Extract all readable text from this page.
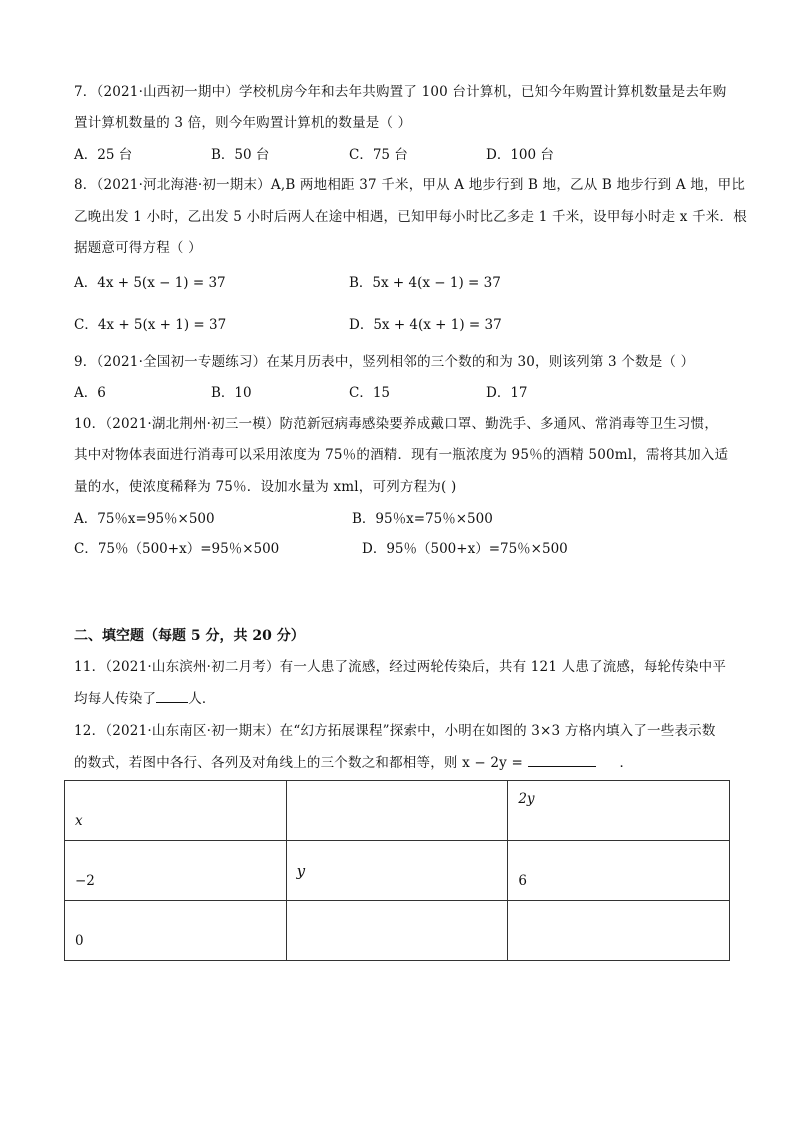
7．（2021·山西初一期中）学校机房今年和去年共购置了 100 台计算机，已知今年购置计算机数量是去年购
置计算机数量的 3 倍，则今年购置计算机的数量是（ ）
A．25 台	B．50 台	C．75 台	D．100 台
8．（2021·河北海港·初一期末）A,B 两地相距 37 千米，甲从 A 地步行到 B 地，乙从 B 地步行到 A 地，甲比
乙晚出发 1 小时，乙出发 5 小时后两人在途中相遇，已知甲每小时比乙多走 1 千米，设甲每小时走 x 千米．根
据题意可得方程（ ）
A．4x + 5(x − 1) = 37	B．5x + 4(x − 1) = 37
C．4x + 5(x + 1) = 37	D．5x + 4(x + 1) = 37
9．（2021·全国初一专题练习）在某月历表中，竖列相邻的三个数的和为 30，则该列第 3 个数是（ ）
A．6	B．10	C．15	D．17
10．（2021·湖北荆州·初三一模）防范新冠病毒感染要养成戴口罩、勤洗手、多通风、常消毒等卫生习惯，
其中对物体表面进行消毒可以采用浓度为 75％的酒精．现有一瓶浓度为 95％的酒精 500ml，需将其加入适
量的水，使浓度稀释为 75％．设加水量为 xml，可列方程为( )
A．75％x=95％×500	B．95％x=75％×500
C．75％（500+x）=95％×500	D．95％（500+x）=75％×500
二、填空题（每题 5 分，共 20 分）
11．（2021·山东滨州·初二月考）有一人患了流感，经过两轮传染后，共有 121 人患了流感，每轮传染中平
均每人传染了 人．
12．（2021·山东南区·初一期末）在“幻方拓展课程”探索中，小明在如图的 3×3 方格内填入了一些表示数
的数式，若图中各行、各列及对角线上的三个数之和都相等，则 x − 2y =	．
x		2y
−2	y	6
0		
